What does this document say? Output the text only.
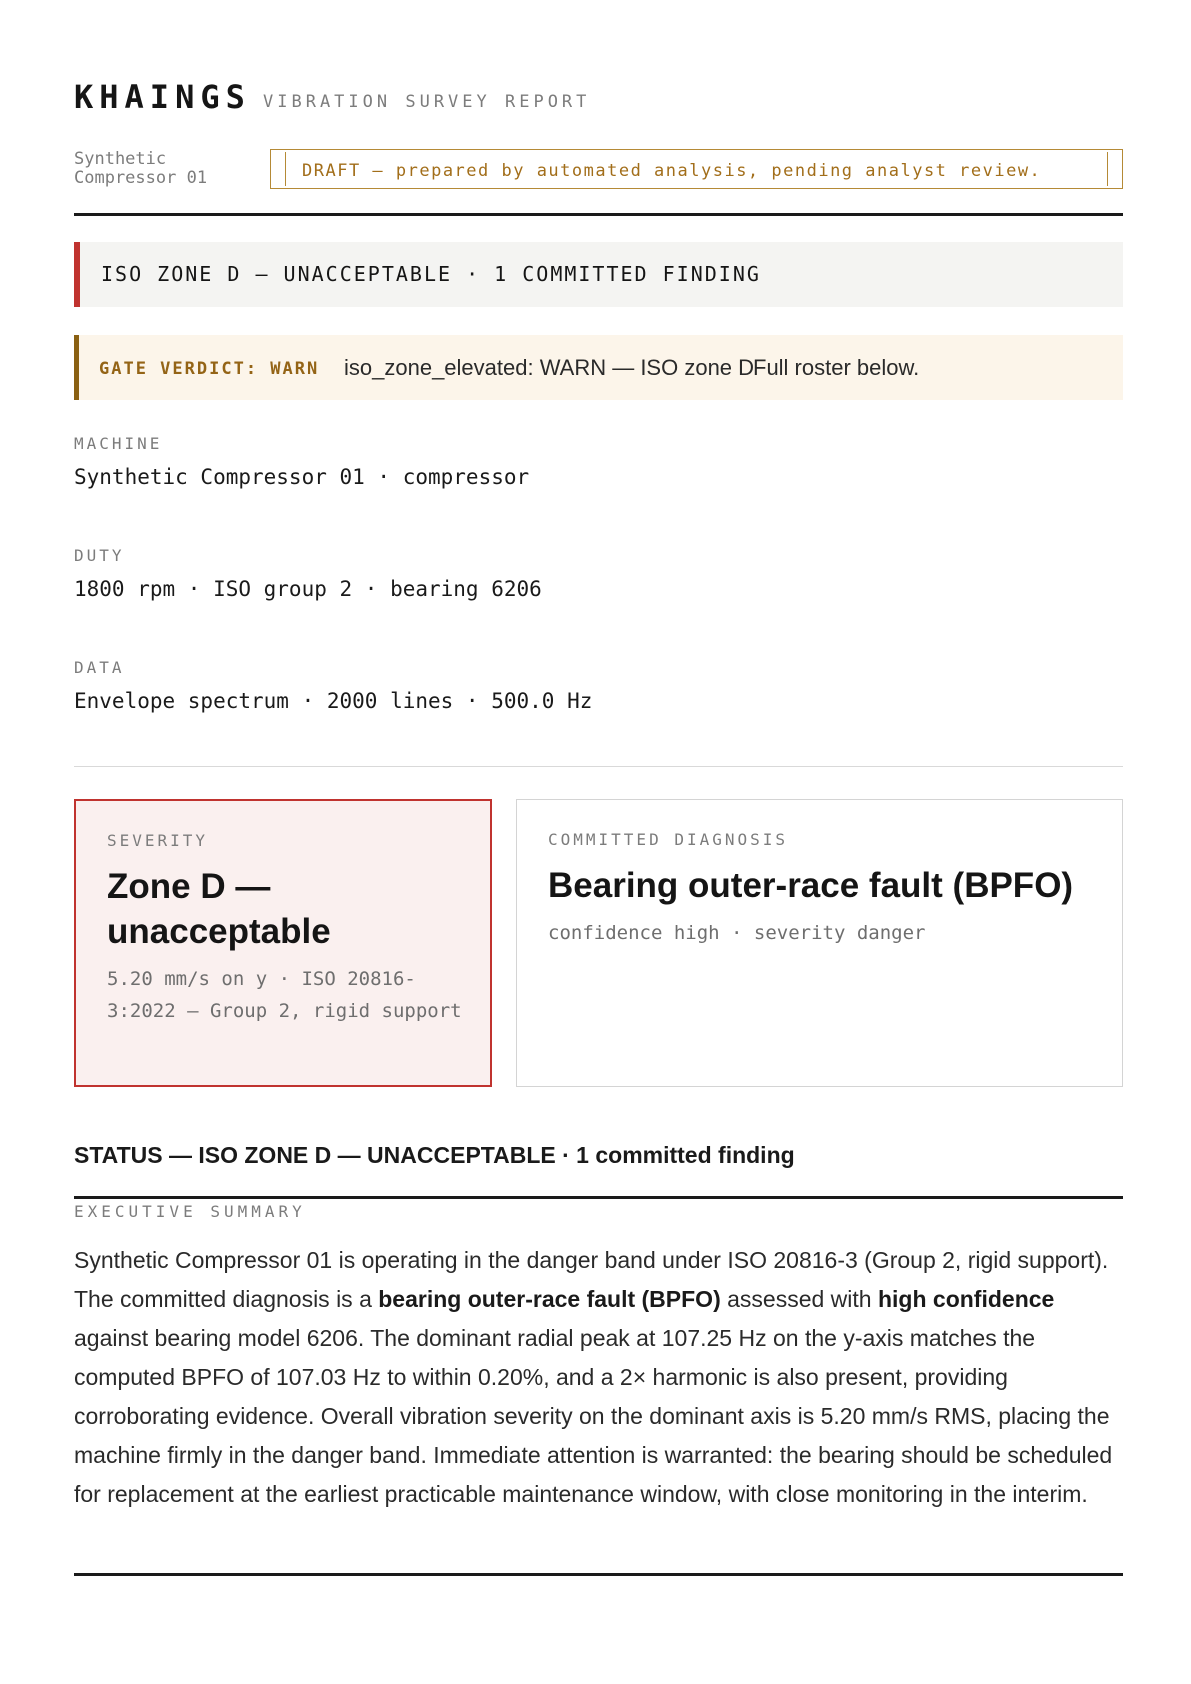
KHAINGS VIBRATION SURVEY REPORT
Synthetic Compressor 01	DRAFT — prepared by automated analysis, pending analyst review.
ISO ZONE D — UNACCEPTABLE · 1 COMMITTED FINDING
GATE VERDICT: WARN iso_zone_elevated: WARN — ISO zone D
Full roster below.
MACHINE
Synthetic Compressor 01 · compressor
DUTY
1800 rpm · ISO group 2 · bearing 6206
DATA
Envelope spectrum · 2000 lines · 500.0 Hz
SEVERITY
Zone D — unacceptable
5.20 mm/s on y · ISO 20816-3:2022 — Group 2, rigid support
COMMITTED DIAGNOSIS
Bearing outer-race fault (BPFO)
confidence high · severity danger
STATUS — ISO ZONE D — UNACCEPTABLE · 1 committed finding
EXECUTIVE SUMMARY

Synthetic Compressor 01 is operating in the danger band under ISO 20816-3 (Group 2, rigid support). The committed diagnosis is a bearing outer-race fault (BPFO) assessed with high confidence against bearing model 6206. The dominant radial peak at 107.25 Hz on the y-axis matches the computed BPFO of 107.03 Hz to within 0.20%, and a 2× harmonic is also present, providing corroborating evidence. Overall vibration severity on the dominant axis is 5.20 mm/s RMS, placing the machine firmly in the danger band. Immediate attention is warranted: the bearing should be scheduled for replacement at the earliest practicable maintenance window, with close monitoring in the interim.
